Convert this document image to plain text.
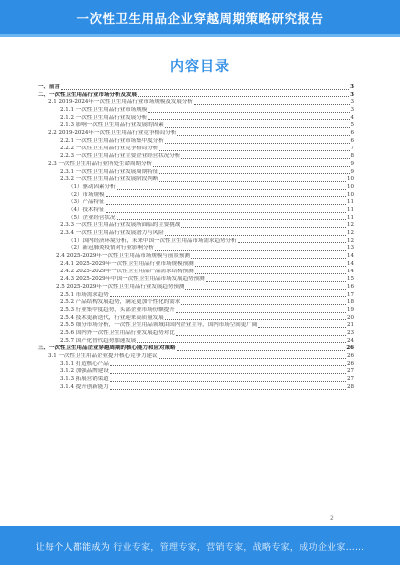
一次性卫生用品企业穿越周期策略研究报告
内容目录
一、前言	3
二、一次性卫生用品行业市场分析及发展	3
2.1 2019-2024年一次性卫生用品行业市场规模及发展分析	3
2.1.1 一次性卫生用品行业市场规模	3
2.1.2 一次性卫生用品行业发展分析	4
2.1.3 影响一次性卫生用品行业发展的因素	5
2.2 2019-2024年一次性卫生用品行业竞争格局分析	6
2.2.1 一次性卫生用品行业市场集中度分析	6
2.2.2 一次性卫生用品行业竞争格局分析	7
2.2.3 一次性卫生用品行业主要企业经营状况分析	8
2.3 一次性卫生用品行业所处生命周期分析	9
2.3.1 一次性卫生用品行业发展周期特征	9
2.3.2 一次性卫生用品行业发展阶段判断	10
（1）驱动因素分析	10
（2）市场规模	10
（3）产品特征	11
（4）技术特征	11
（5）企业经营状况	11
2.3.3 一次性卫生用品行业发展所面临的主要挑战	12
2.3.4 一次性卫生用品行业发展潜力与风险	12
（1）国内经济环境分析，未来中国一次性卫生用品市场需求趋势分析	12
（2）新冠肺炎疫情对行业影响分析	13
2.4 2025-2029年一次性卫生用品市场规模与前景预测	14
2.4.1 2025-2029年一次性卫生用品行业市场规模预测	14
2.4.2 2025-2029年一次性卫生用品产品需求结构预测	14
2.4.3 2025-2029年中国一次性卫生用品市场发展趋势预测	15
2.5 2025-2029年一次性卫生用品行业发展趋势预测	16
2.5.1 市场需求趋势	17
2.5.2 产品结构发展趋势，满足更加个性化的需求	18
2.5.3 行业集中度趋势，头部企业市场份额提升	19
2.5.4 技术更新迭代，行业迎来高质量发展	20
2.5.5 细分市场分析，一次性卫生用品领域由国内企业主导，国内市场空间更广阔	21
2.5.6 国内外一次性卫生用品行业发展趋势对比	23
2.5.7 国产化替代趋势加速发展	24
三、一次性卫生用品企业穿越周期的核心能力和应对策略	26
3.1 一次性卫生用品企业提升核心竞争力建议	26
3.1.1 打造核心产品	26
3.1.2 加强品牌建设	27
3.1.3 拓展营销渠道	27
3.1.4 提升创新能力	28
2
让每个人都能成为 行业专家，管理专家，营销专家，战略专家，成功企业家……
